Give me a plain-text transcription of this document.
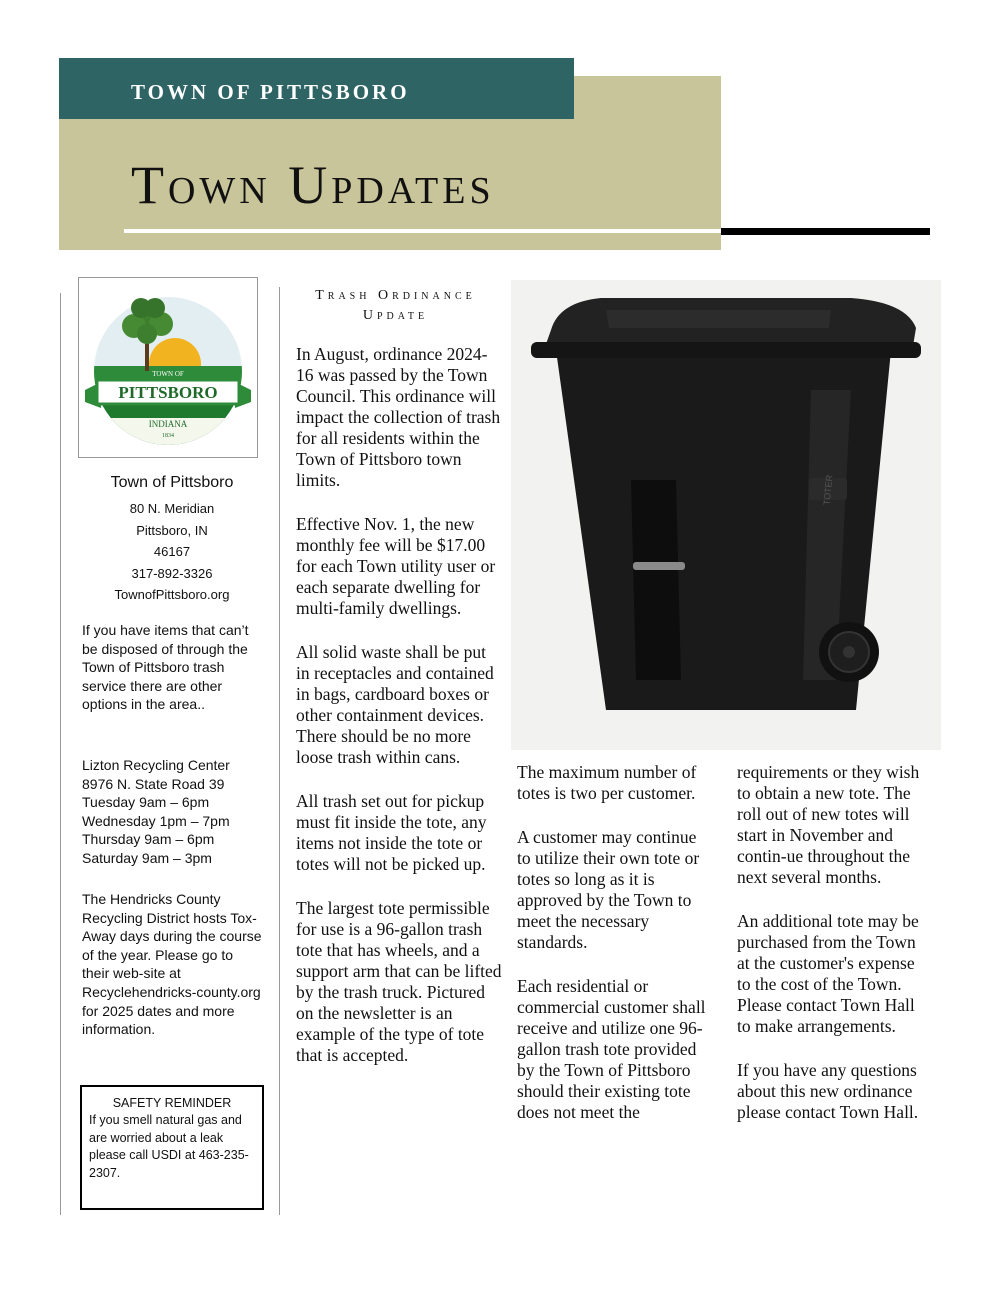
TOWN OF PITTSBORO
Town Updates
TOWN OF
PITTSBORO
INDIANA
1834
Town of Pittsboro
80 N. Meridian
Pittsboro, IN
46167
317-892-3326
TownofPittsboro.org

If you have items that can’t be disposed of through the Town of Pittsboro trash service there are other options in the area..

Lizton Recycling Center
8976 N. State Road 39
Tuesday 9am – 6pm
Wednesday 1pm – 7pm
Thursday 9am – 6pm
Saturday 9am – 3pm

The Hendricks County Recycling District hosts Tox-Away days during the course of the year. Please go to their web-site at Recyclehendricks-county.org for 2025 dates and more information.

SAFETY REMINDER
If you smell natural gas and are worried about a leak please call USDI at 463-235-2307.
Trash Ordinance Update

In August, ordinance 2024-16 was passed by the Town Council. This ordinance will impact the collection of trash for all residents within the Town of Pittsboro town limits.

Effective Nov. 1, the new monthly fee will be $17.00 for each Town utility user or each separate dwelling for multi-family dwellings.

All solid waste shall be put in receptacles and contained in bags, cardboard boxes or other containment devices. There should be no more loose trash within cans.

All trash set out for pickup must fit inside the tote, any items not inside the tote or totes will not be picked up.

The largest tote permissible for use is a 96-gallon trash tote that has wheels, and a support arm that can be lifted by the trash truck. Pictured on the newsletter is an example of the type of tote that is accepted.

TOTER

The maximum number of totes is two per customer.

A customer may continue to utilize their own tote or totes so long as it is approved by the Town to meet the necessary standards.

Each residential or commercial customer shall receive and utilize one 96-gallon trash tote provided by the Town of Pittsboro should their existing tote does not meet the

requirements or they wish to obtain a new tote. The roll out of new totes will start in November and contin-ue throughout the next several months.

An additional tote may be purchased from the Town at the customer's expense to the cost of the Town. Please contact Town Hall to make arrangements.

If you have any questions about this new ordinance please contact Town Hall.
